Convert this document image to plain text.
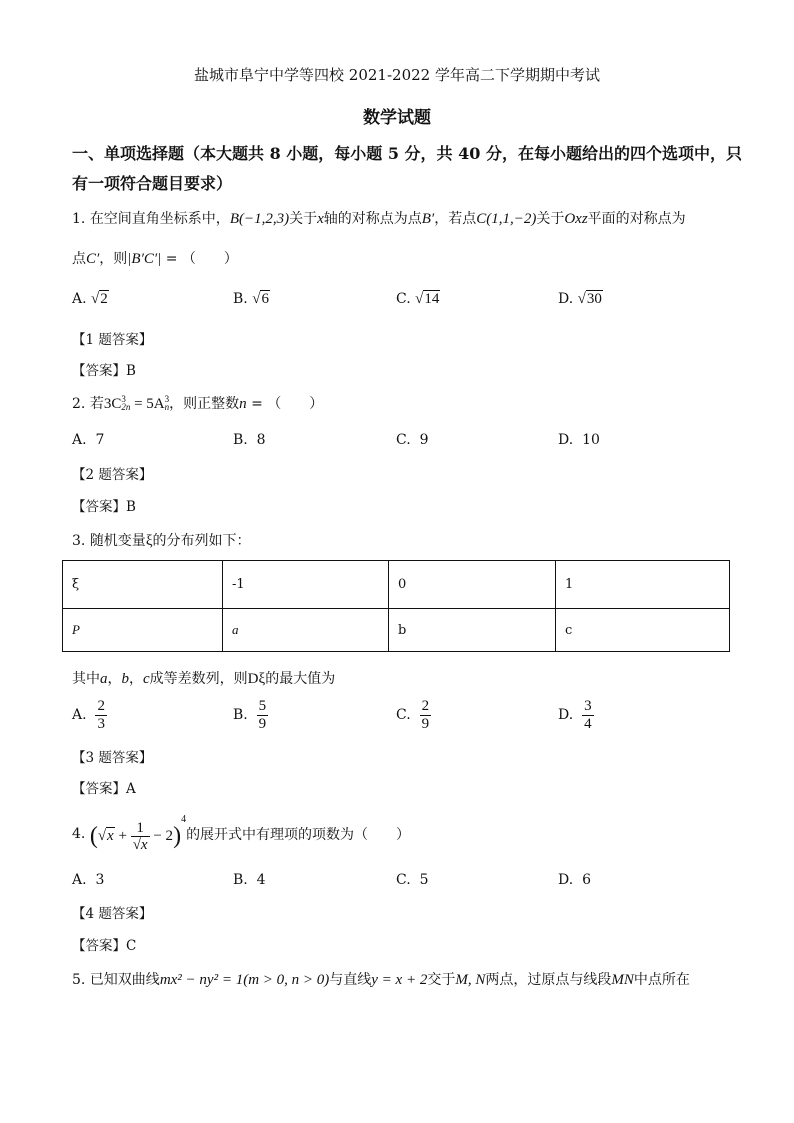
盐城市阜宁中学等四校 2021-2022 学年高二下学期期中考试
数学试题
一、单项选择题（本大题共 8 小题，每小题 5 分，共 40 分，在每小题给出的四个选项中，只
有一项符合题目要求）
1. 在空间直角坐标系中，B(−1,2,3)关于x轴的对称点为点B′，若点C(1,1,−2)关于Oxz平面的对称点为
点C′，则|B′C′| = （　　）
A. √2	B. √6	C. √14	D. √30
【1 题答案】
【答案】B
2. 若3C 3
2n = 5A 3
n ，则正整数n = （　　）
A. 7	B. 8	C. 9	D. 10
【2 题答案】
【答案】B
3. 随机变量ξ的分布列如下：
ξ	-1	0	1
P	a	b	c
其中a，b，c成等差数列，则Dξ的最大值为
A. $\frac{2}{3}$	B. $\frac{5}{9}$	C. $\frac{2}{9}$	D. $\frac{3}{4}$
【3 题答案】
【答案】A
4. $(√x + \frac{1}{√x} - 2)^4$的展开式中有理项的项数为（　　）
A. 3	B. 4	C. 5	D. 6
【4 题答案】
【答案】C
5. 已知双曲线mx² − ny² = 1(m > 0, n > 0)与直线y = x + 2交于M, N两点，过原点与线段MN中点所在
